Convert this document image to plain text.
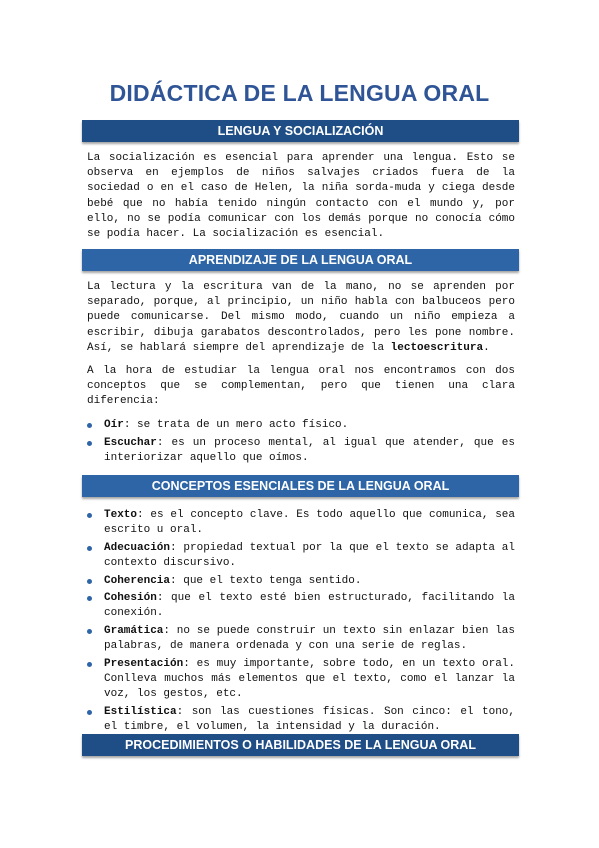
DIDÁCTICA DE LA LENGUA ORAL
LENGUA Y SOCIALIZACIÓN

La socialización es esencial para aprender una lengua. Esto se observa en ejemplos de niños salvajes criados fuera de la sociedad o en el caso de Helen, la niña sorda-muda y ciega desde bebé que no había tenido ningún contacto con el mundo y, por ello, no se podía comunicar con los demás porque no conocía cómo se podía hacer. La socialización es esencial.

APRENDIZAJE DE LA LENGUA ORAL

La lectura y la escritura van de la mano, no se aprenden por separado, porque, al principio, un niño habla con balbuceos pero puede comunicarse. Del mismo modo, cuando un niño empieza a escribir, dibuja garabatos descontrolados, pero les pone nombre. Así, se hablará siempre del aprendizaje de la lectoescritura.

A la hora de estudiar la lengua oral nos encontramos con dos conceptos que se complementan, pero que tienen una clara diferencia:

Oír: se trata de un mero acto físico.
Escuchar: es un proceso mental, al igual que atender, que es interiorizar aquello que oímos.
CONCEPTOS ESENCIALES DE LA LENGUA ORAL
Texto: es el concepto clave. Es todo aquello que comunica, sea escrito u oral.
Adecuación: propiedad textual por la que el texto se adapta al contexto discursivo.
Coherencia: que el texto tenga sentido.
Cohesión: que el texto esté bien estructurado, facilitando la conexión.
Gramática: no se puede construir un texto sin enlazar bien las palabras, de manera ordenada y con una serie de reglas.
Presentación: es muy importante, sobre todo, en un texto oral. Conlleva muchos más elementos que el texto, como el lanzar la voz, los gestos, etc.
Estilística: son las cuestiones físicas. Son cinco: el tono, el timbre, el volumen, la intensidad y la duración.
PROCEDIMIENTOS O HABILIDADES DE LA LENGUA ORAL
